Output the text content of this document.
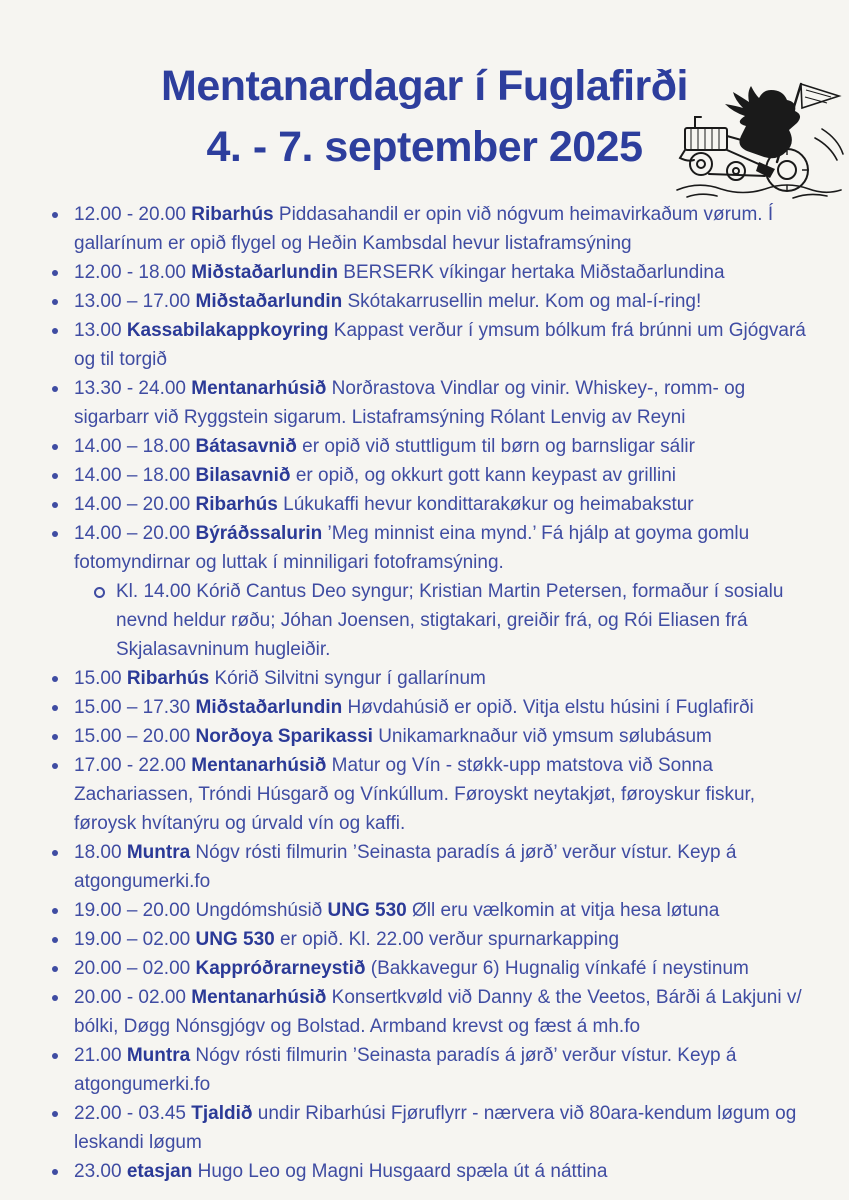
Mentanardagar í Fuglafirði
4. - 7. september 2025
12.00 - 20.00 Ribarhús Piddasahandil er opin við nógvum heimavirkaðum vørum. Í gallarínum er opið flygel og Heðin Kambsdal hevur listaframsýning
12.00 - 18.00 Miðstaðarlundin BERSERK víkingar hertaka Miðstaðarlundina
13.00 – 17.00 Miðstaðarlundin Skótakarrusellin melur. Kom og mal-í-ring!
13.00 Kassabilakappkoyring Kappast verður í ymsum bólkum frá brúnni um Gjógvará og til torgið
13.30 - 24.00 Mentanarhúsið Norðrastova Vindlar og vinir. Whiskey-, romm- og sigarbarr við Ryggstein sigarum. Listaframsýning Rólant Lenvig av Reyni
14.00 – 18.00 Bátasavnið er opið við stuttligum til børn og barnsligar sálir
14.00 – 18.00 Bilasavnið er opið, og okkurt gott kann keypast av grillini
14.00 – 20.00 Ribarhús Lúkukaffi hevur kondittarakøkur og heimabakstur
14.00 – 20.00 Býráðssalurin ’Meg minnist eina mynd.’ Fá hjálp at goyma gomlu fotomyndirnar og luttak í minniligari fotoframsýning.
Kl. 14.00 Kórið Cantus Deo syngur; Kristian Martin Petersen, formaður í sosialu nevnd heldur røðu; Jóhan Joensen, stigtakari, greiðir frá, og Rói Eliasen frá Skjalasavninum hugleiðir.
15.00 Ribarhús Kórið Silvitni syngur í gallarínum
15.00 – 17.30 Miðstaðarlundin Høvdahúsið er opið. Vitja elstu húsini í Fuglafirði
15.00 – 20.00 Norðoya Sparikassi Unikamarknaður við ymsum sølubásum
17.00 - 22.00 Mentanarhúsið Matur og Vín - støkk-upp matstova við Sonna Zachariassen, Tróndi Húsgarð og Vínkúllum. Føroyskt neytakjøt, føroyskur fiskur, føroysk hvítanýru og úrvald vín og kaffi.
18.00 Muntra Nógv rósti filmurin ’Seinasta paradís á jørð’ verður vístur. Keyp á atgongumerki.fo
19.00 – 20.00 Ungdómshúsið UNG 530 Øll eru vælkomin at vitja hesa løtuna
19.00 – 02.00 UNG 530 er opið. Kl. 22.00 verður spurnarkapping
20.00 – 02.00 Kappróðrarneystið (Bakkavegur 6) Hugnalig vínkafé í neystinum
20.00 - 02.00 Mentanarhúsið Konsertkvøld við Danny & the Veetos, Bárði á Lakjuni v/ bólki, Døgg Nónsgjógv og Bolstad. Armband krevst og fæst á mh.fo
21.00 Muntra Nógv rósti filmurin ’Seinasta paradís á jørð’ verður vístur. Keyp á atgongumerki.fo
22.00 - 03.45 Tjaldið undir Ribarhúsi Fjøruflyrr - nærvera við 80ara-kendum løgum og leskandi løgum
23.00 etasjan Hugo Leo og Magni Husgaard spæla út á náttina
